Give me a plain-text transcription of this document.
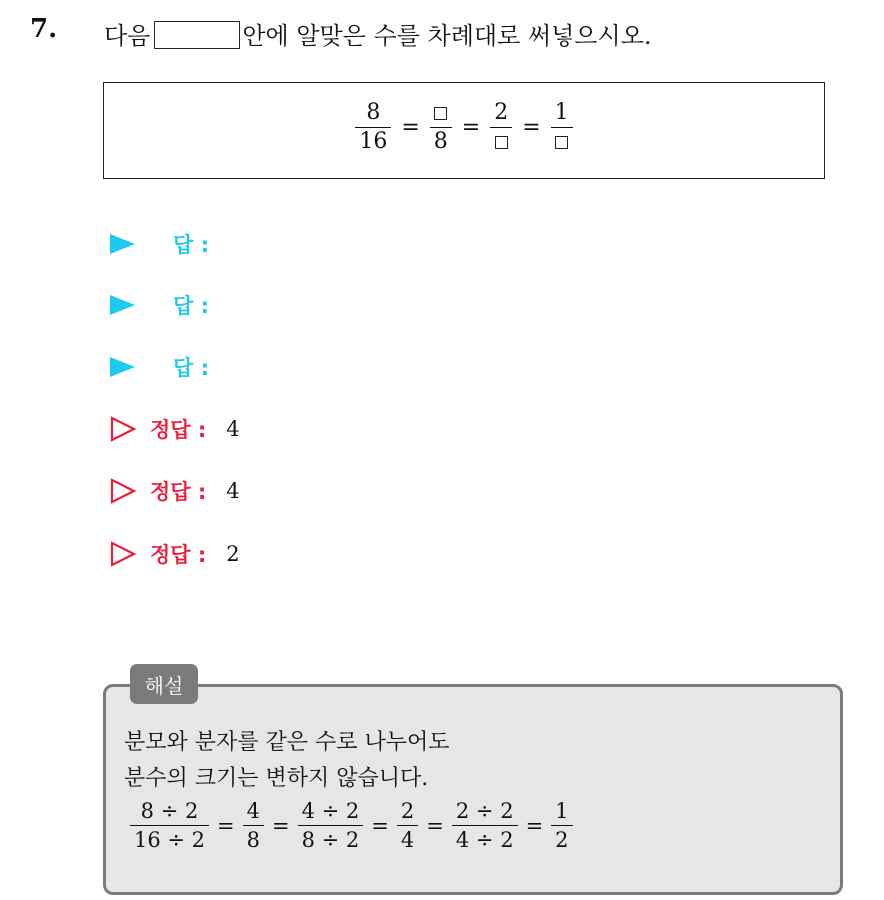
7. 다음	안에 알맞은 수를 차례대로 써넣으시오.
$\frac{8}{16}$ =
8
=
2
=
1
답 :
답 :
답 :
정답 : 4
정답 : 4
정답 : 2
해설
분모와 분자를 같은 수로 나누어도
분수의 크기는 변하지 않습니다.
$\frac{8 \div 2}{16 \div 2} = \frac{4}{8} = \frac{4 \div 2}{8 \div 2} = \frac{2}{4} = \frac{2 \div 2}{4 \div 2} = \frac{1}{2}$
